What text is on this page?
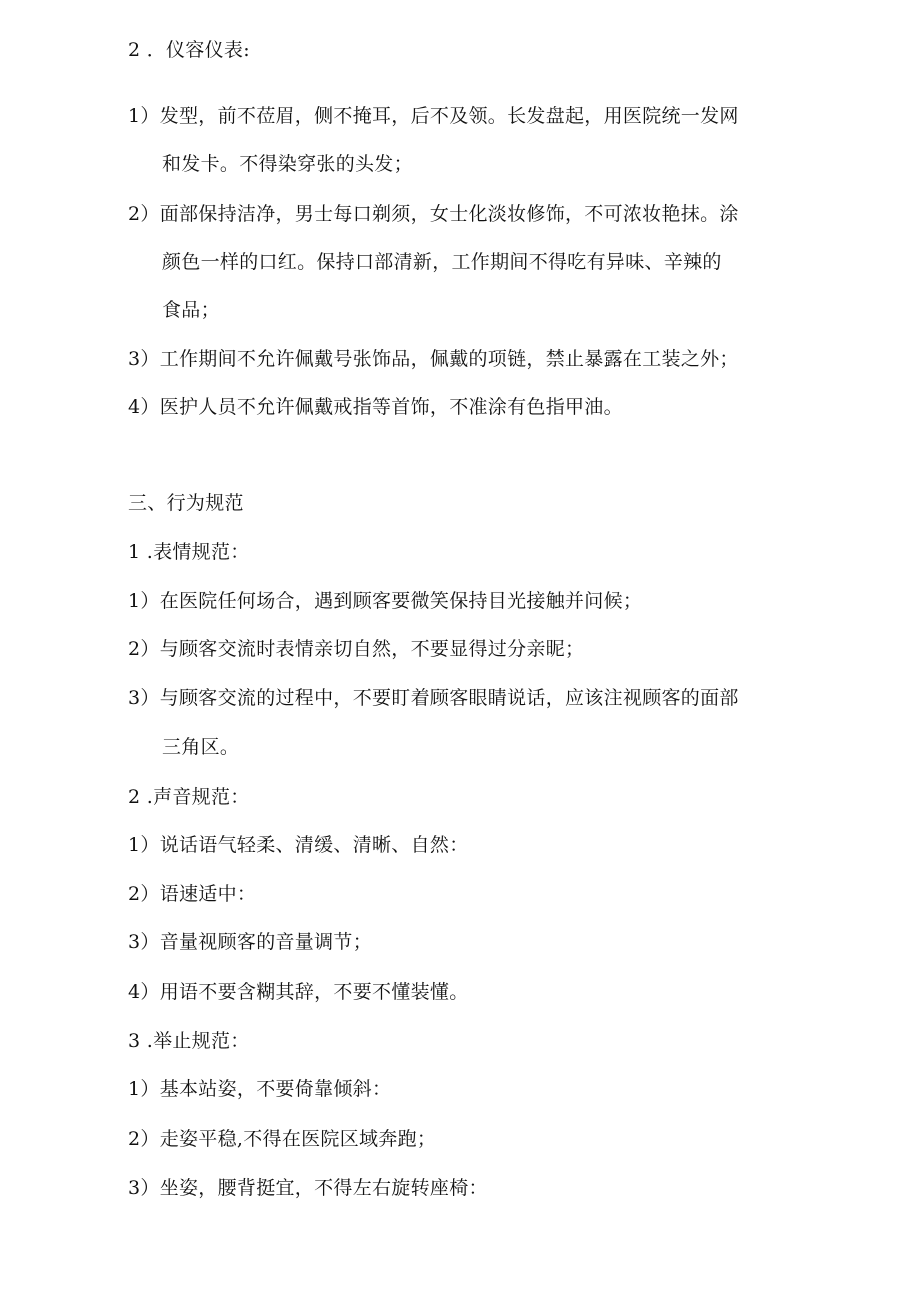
2 ．仪容仪表:
1）发型，前不莅眉，侧不掩耳，后不及领。长发盘起，用医院统一发网
和发卡。不得染穿张的头发；
2）面部保持洁净，男士每口剃须，女士化淡妆修饰，不可浓妆艳抹。涂
颜色一样的口红。保持口部清新，工作期间不得吃有异味、辛辣的
食品；
3）工作期间不允许佩戴号张饰品，佩戴的项链，禁止暴露在工装之外；
4）医护人员不允许佩戴戒指等首饰，不准涂有色指甲油。
三、行为规范
1 .表情规范：
1）在医院任何场合，遇到顾客要微笑保持目光接触并问候；
2）与顾客交流时表情亲切自然，不要显得过分亲昵；
3）与顾客交流的过程中，不要盯着顾客眼睛说话，应该注视顾客的面部
三角区。
2 .声音规范：
1）说话语气轻柔、清缓、清晰、自然：
2）语速适中：
3）音量视顾客的音量调节；
4）用语不要含糊其辞，不要不懂装懂。
3 .举止规范：
1）基本站姿，不要倚靠倾斜：
2）走姿平稳,不得在医院区域奔跑；
3）坐姿，腰背挺宜，不得左右旋转座椅：
